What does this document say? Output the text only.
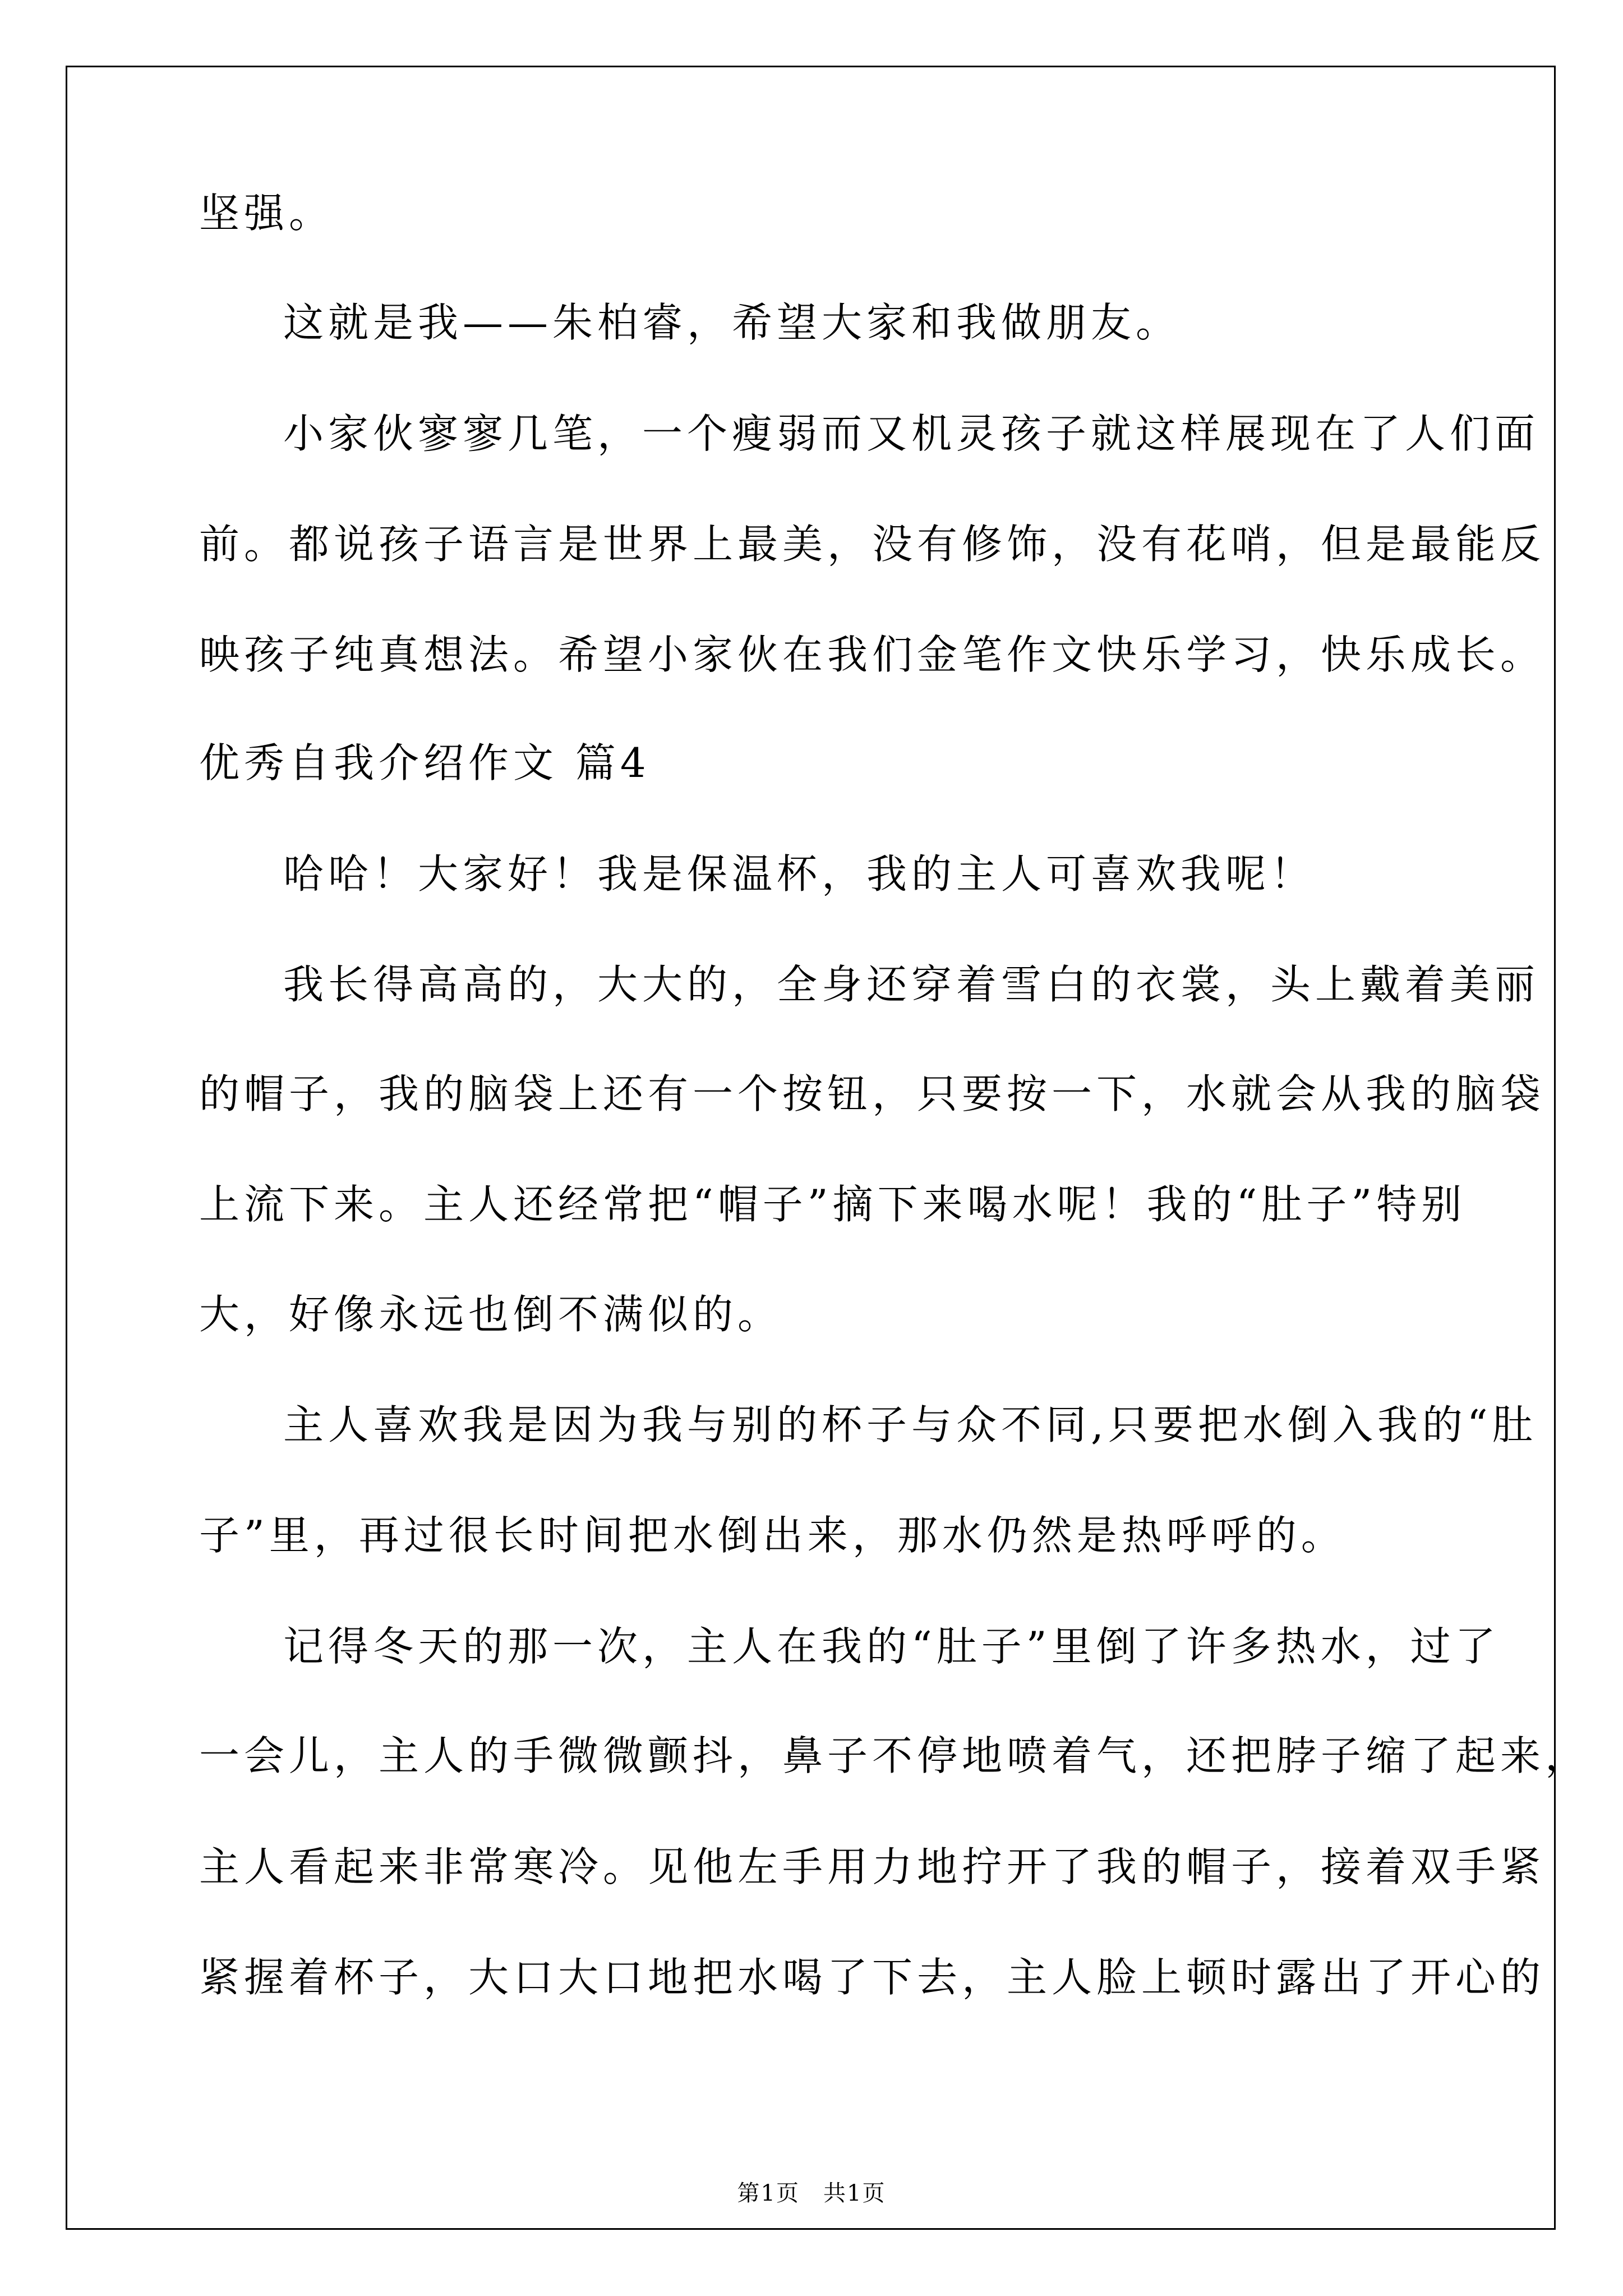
坚强。
这就是我——朱柏睿，希望大家和我做朋友。
小家伙寥寥几笔，一个瘦弱而又机灵孩子就这样展现在了人们面
前。都说孩子语言是世界上最美，没有修饰，没有花哨，但是最能反
映孩子纯真想法。希望小家伙在我们金笔作文快乐学习，快乐成长。
优秀自我介绍作文 篇4
哈哈！大家好！我是保温杯，我的主人可喜欢我呢！
我长得高高的，大大的，全身还穿着雪白的衣裳，头上戴着美丽
的帽子，我的脑袋上还有一个按钮，只要按一下，水就会从我的脑袋
上流下来。主人还经常把“帽子”摘下来喝水呢！我的“肚子”特别
大，好像永远也倒不满似的。
主人喜欢我是因为我与别的杯子与众不同,只要把水倒入我的“肚
子”里，再过很长时间把水倒出来，那水仍然是热呼呼的。
记得冬天的那一次，主人在我的“肚子”里倒了许多热水，过了
一会儿，主人的手微微颤抖，鼻子不停地喷着气，还把脖子缩了起来，
主人看起来非常寒冷。见他左手用力地拧开了我的帽子，接着双手紧
紧握着杯子，大口大口地把水喝了下去，主人脸上顿时露出了开心的
第1页　共1页
